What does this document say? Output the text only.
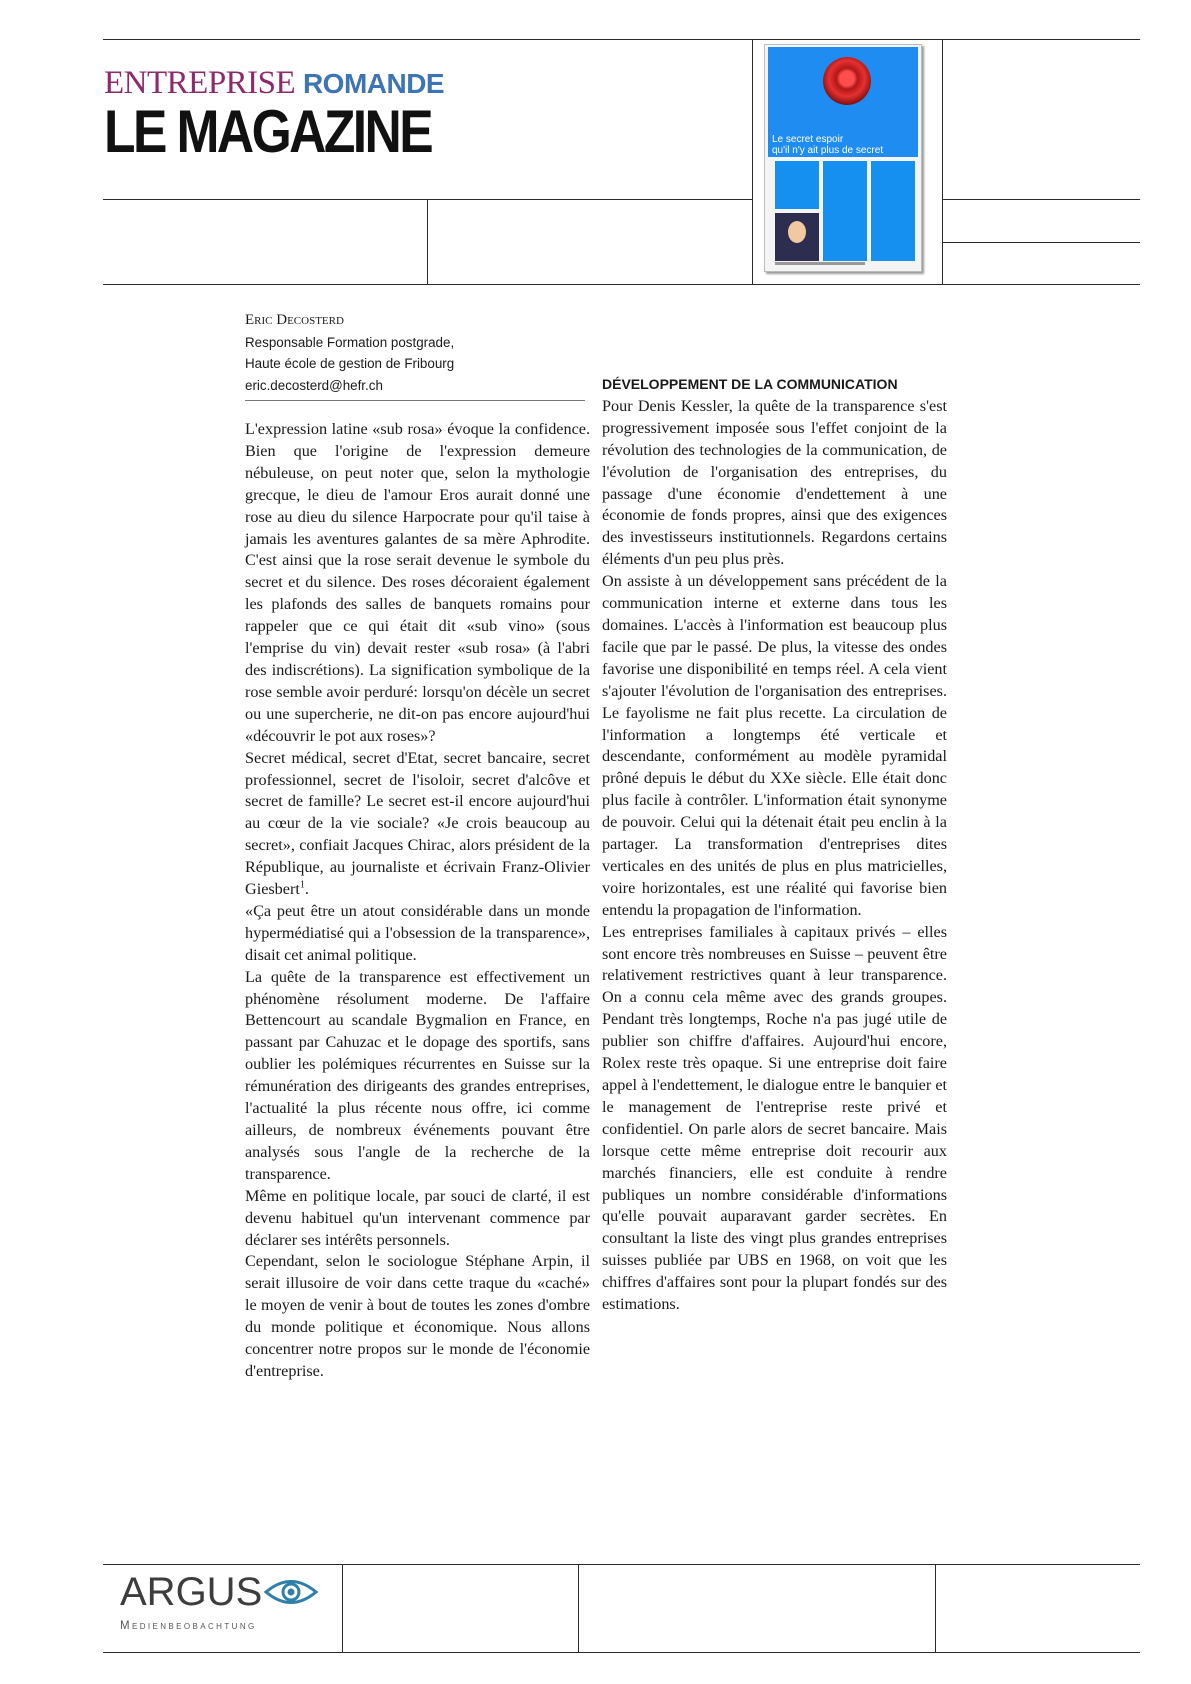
ENTREPRISE ROMANDE
LE MAGAZINE	Le secret espoir
qu'il n'y ait plus de secret
Eric Decosterd
Responsable Formation postgrade,
Haute école de gestion de Fribourg
eric.decosterd@hefr.ch

L'expression latine «sub rosa» évoque la confidence. Bien que l'origine de l'expression demeure nébuleuse, on peut noter que, selon la mythologie grecque, le dieu de l'amour Eros aurait donné une rose au dieu du silence Harpocrate pour qu'il taise à jamais les aventures galantes de sa mère Aphrodite. C'est ainsi que la rose serait devenue le symbole du secret et du silence. Des roses décoraient également les plafonds des salles de banquets romains pour rappeler que ce qui était dit «sub vino» (sous l'emprise du vin) devait rester «sub rosa» (à l'abri des indiscrétions). La signification symbolique de la rose semble avoir perduré: lorsqu'on décèle un secret ou une supercherie, ne dit-on pas encore aujourd'hui «découvrir le pot aux roses»?

Secret médical, secret d'Etat, secret bancaire, secret professionnel, secret de l'isoloir, secret d'alcôve et secret de famille? Le secret est-il encore aujourd'hui au cœur de la vie sociale? «Je crois beaucoup au secret», confiait Jacques Chirac, alors président de la République, au journaliste et écrivain Franz-Olivier Giesbert$^1$.

«Ça peut être un atout considérable dans un monde hypermédiatisé qui a l'obsession de la transparence», disait cet animal politique.

La quête de la transparence est effectivement un phénomène résolument moderne. De l'affaire Bettencourt au scandale Bygmalion en France, en passant par Cahuzac et le dopage des sportifs, sans oublier les polémiques récurrentes en Suisse sur la rémunération des dirigeants des grandes entreprises, l'actualité la plus récente nous offre, ici comme ailleurs, de nombreux événements pouvant être analysés sous l'angle de la recherche de la transparence.

Même en politique locale, par souci de clarté, il est devenu habituel qu'un intervenant commence par déclarer ses intérêts personnels.

Cependant, selon le sociologue Stéphane Arpin, il serait illusoire de voir dans cette traque du «caché» le moyen de venir à bout de toutes les zones d'ombre du monde politique et économique. Nous allons concentrer notre propos sur le monde de l'économie d'entreprise.

DÉVELOPPEMENT DE LA COMMUNICATION

Pour Denis Kessler, la quête de la transparence s'est progressivement imposée sous l'effet conjoint de la révolution des technologies de la communication, de l'évolution de l'organisation des entreprises, du passage d'une économie d'endettement à une économie de fonds propres, ainsi que des exigences des investisseurs institutionnels. Regardons certains éléments d'un peu plus près.

On assiste à un développement sans précédent de la communication interne et externe dans tous les domaines. L'accès à l'information est beaucoup plus facile que par le passé. De plus, la vitesse des ondes favorise une disponibilité en temps réel. A cela vient s'ajouter l'évolution de l'organisation des entreprises. Le fayolisme ne fait plus recette. La circulation de l'information a longtemps été verticale et descendante, conformément au modèle pyramidal prôné depuis le début du XXe siècle. Elle était donc plus facile à contrôler. L'information était synonyme de pouvoir. Celui qui la détenait était peu enclin à la partager. La transformation d'entreprises dites verticales en des unités de plus en plus matricielles, voire horizontales, est une réalité qui favorise bien entendu la propagation de l'information.

Les entreprises familiales à capitaux privés – elles sont encore très nombreuses en Suisse – peuvent être relativement restrictives quant à leur transparence. On a connu cela même avec des grands groupes. Pendant très longtemps, Roche n'a pas jugé utile de publier son chiffre d'affaires. Aujourd'hui encore, Rolex reste très opaque. Si une entreprise doit faire appel à l'endettement, le dialogue entre le banquier et le management de l'entreprise reste privé et confidentiel. On parle alors de secret bancaire. Mais lorsque cette même entreprise doit recourir aux marchés financiers, elle est conduite à rendre publiques un nombre considérable d'informations qu'elle pouvait auparavant garder secrètes. En consultant la liste des vingt plus grandes entreprises suisses publiée par UBS en 1968, on voit que les chiffres d'affaires sont pour la plupart fondés sur des estimations.

ARGUS
Medienbeobachtung
